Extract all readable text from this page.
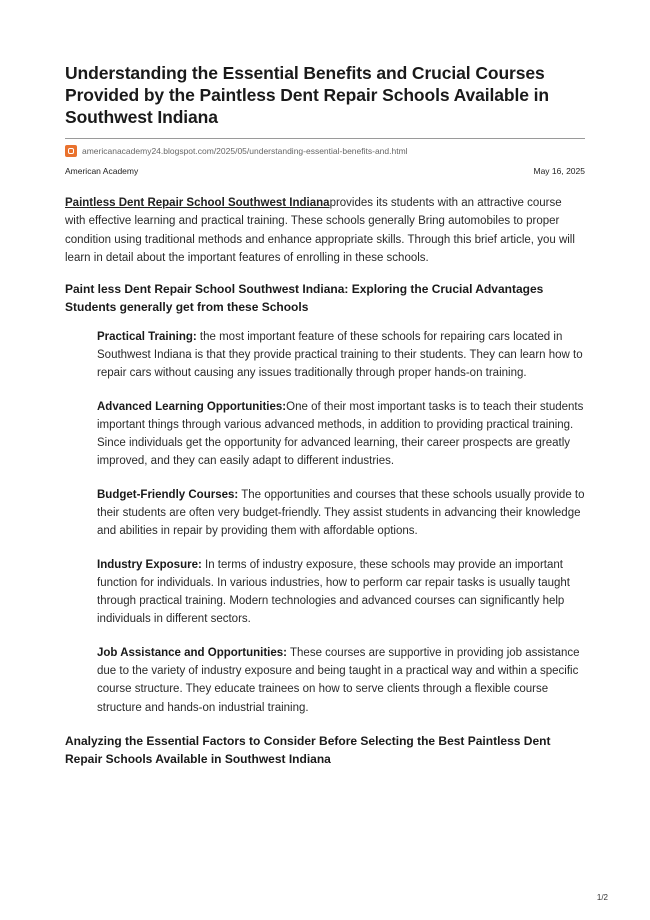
Understanding the Essential Benefits and Crucial Courses Provided by the Paintless Dent Repair Schools Available in Southwest Indiana
americanacademy24.blogspot.com/2025/05/understanding-essential-benefits-and.html
American Academy	May 16, 2025

Paintless Dent Repair School Southwest Indianaprovides its students with an attractive course with effective learning and practical training. These schools generally Bring automobiles to proper condition using traditional methods and enhance appropriate skills. Through this brief article, you will learn in detail about the important features of enrolling in these schools.

Paint less Dent Repair School Southwest Indiana: Exploring the Crucial Advantages Students generally get from these Schools
Practical Training: the most important feature of these schools for repairing cars located in Southwest Indiana is that they provide practical training to their students. They can learn how to repair cars without causing any issues traditionally through proper hands-on training.
Advanced Learning Opportunities:One of their most important tasks is to teach their students important things through various advanced methods, in addition to providing practical training. Since individuals get the opportunity for advanced learning, their career prospects are greatly improved, and they can easily adapt to different industries.
Budget-Friendly Courses: The opportunities and courses that these schools usually provide to their students are often very budget-friendly. They assist students in advancing their knowledge and abilities in repair by providing them with affordable options.
Industry Exposure: In terms of industry exposure, these schools may provide an important function for individuals. In various industries, how to perform car repair tasks is usually taught through practical training. Modern technologies and advanced courses can significantly help individuals in different sectors.
Job Assistance and Opportunities: These courses are supportive in providing job assistance due to the variety of industry exposure and being taught in a practical way and within a specific course structure. They educate trainees on how to serve clients through a flexible course structure and hands-on industrial training.
Analyzing the Essential Factors to Consider Before Selecting the Best Paintless Dent Repair Schools Available in Southwest Indiana
1/2
